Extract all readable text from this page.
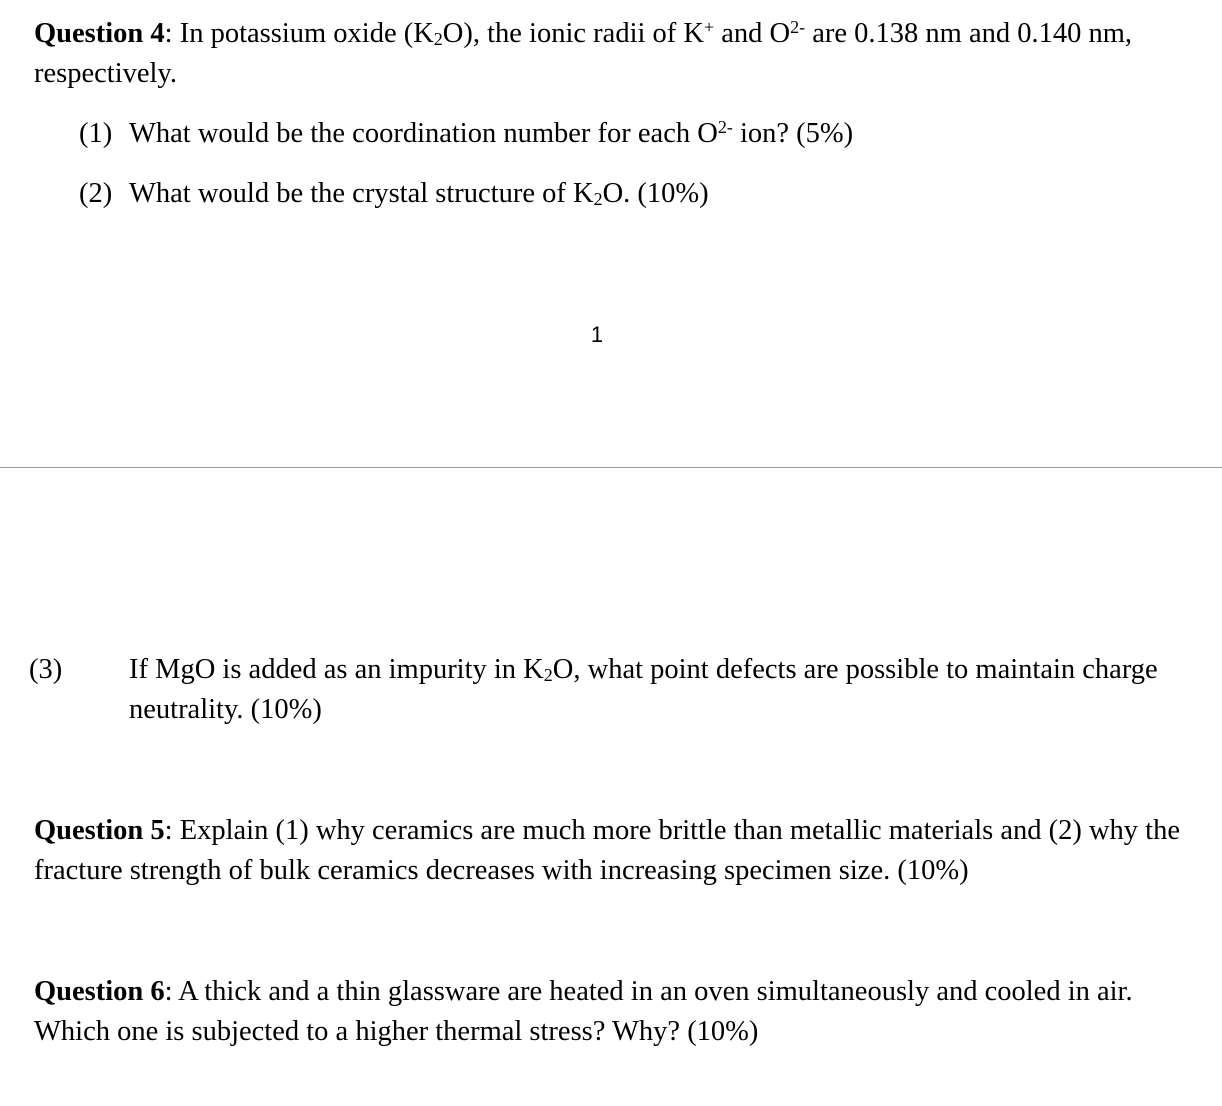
Question 4: In potassium oxide (K2O), the ionic radii of K+ and $O^{2-}$ are 0.138 nm and 0.140 nm, respectively.

(1) What would be the coordination number for each $O^{2-}$ ion? (5%)

(2) What would be the crystal structure of K2O. (10%)

1

(3) If MgO is added as an impurity in K2O, what point defects are possible to maintain charge neutrality. (10%)

Question 5: Explain (1) why ceramics are much more brittle than metallic materials and (2) why the fracture strength of bulk ceramics decreases with increasing specimen size. (10%)

Question 6: A thick and a thin glassware are heated in an oven simultaneously and cooled in air. Which one is subjected to a higher thermal stress? Why? (10%)
